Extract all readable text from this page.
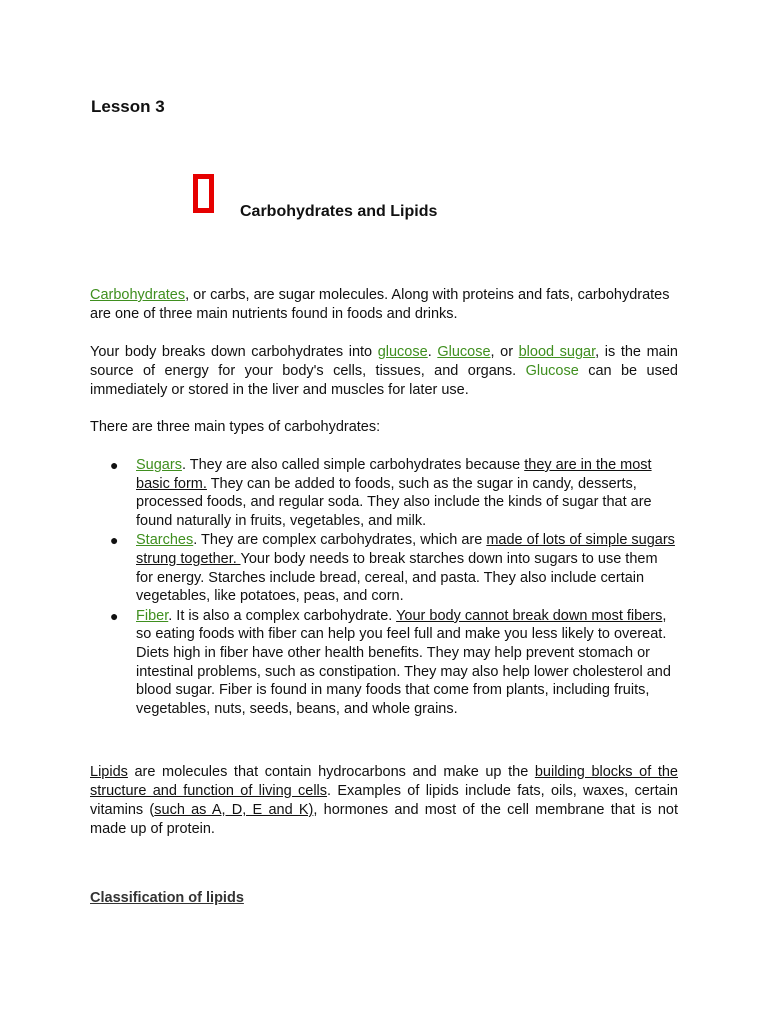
Lesson 3
Carbohydrates and Lipids

Carbohydrates, or carbs, are sugar molecules. Along with proteins and fats, carbohydrates are one of three main nutrients found in foods and drinks.

Your body breaks down carbohydrates into glucose. Glucose, or blood sugar, is the main source of energy for your body's cells, tissues, and organs. Glucose can be used immediately or stored in the liver and muscles for later use.

There are three main types of carbohydrates:

● Sugars. They are also called simple carbohydrates because they are in the most basic form. They can be added to foods, such as the sugar in candy, desserts, processed foods, and regular soda. They also include the kinds of sugar that are found naturally in fruits, vegetables, and milk.
● Starches. They are complex carbohydrates, which are made of lots of simple sugars strung together. Your body needs to break starches down into sugars to use them for energy. Starches include bread, cereal, and pasta. They also include certain vegetables, like potatoes, peas, and corn.
● Fiber. It is also a complex carbohydrate. Your body cannot break down most fibers, so eating foods with fiber can help you feel full and make you less likely to overeat. Diets high in fiber have other health benefits. They may help prevent stomach or intestinal problems, such as constipation. They may also help lower cholesterol and blood sugar. Fiber is found in many foods that come from plants, including fruits, vegetables, nuts, seeds, beans, and whole grains.

Lipids are molecules that contain hydrocarbons and make up the building blocks of the structure and function of living cells. Examples of lipids include fats, oils, waxes, certain vitamins (such as A, D, E and K), hormones and most of the cell membrane that is not made up of protein.

Classification of lipids
